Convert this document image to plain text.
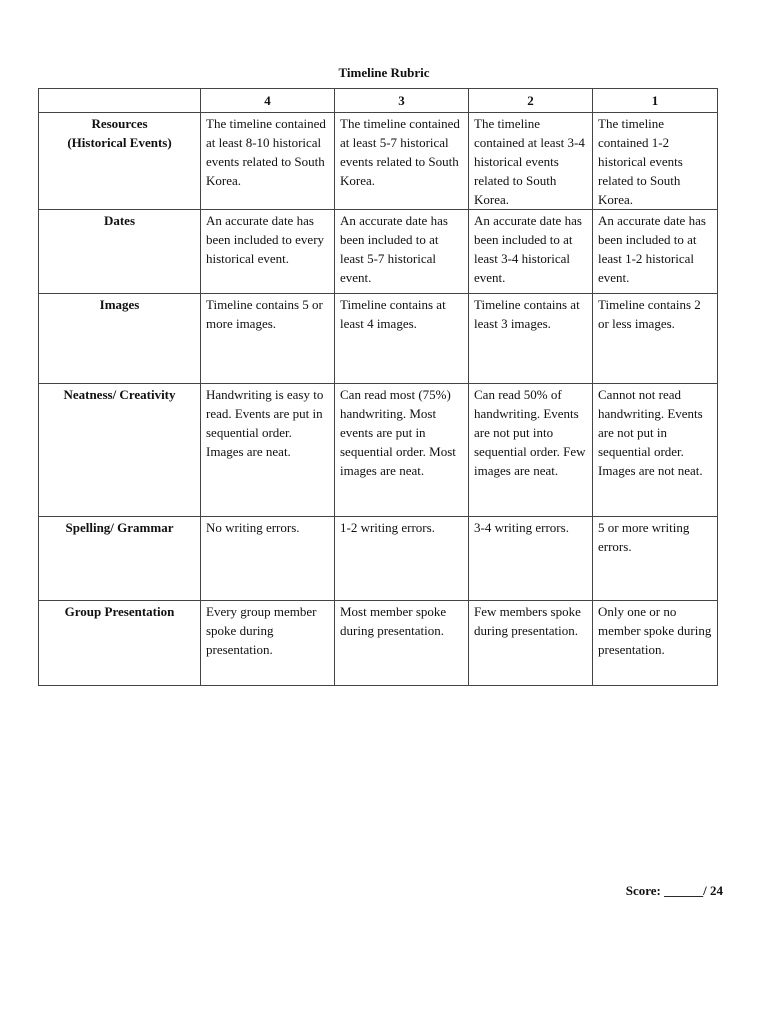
Timeline Rubric
	4	3	2	1
Resources
(Historical Events)	The timeline contained at least 8-10 historical events related to South Korea.	The timeline contained at least 5-7 historical events related to South Korea.	The timeline contained at least 3-4 historical events related to South Korea.	The timeline contained 1-2 historical events related to South Korea.
Dates	An accurate date has been included to every historical event.	An accurate date has been included to at least 5-7 historical event.	An accurate date has been included to at least 3-4 historical event.	An accurate date has been included to at least 1-2 historical event.
Images	Timeline contains 5 or more images.	Timeline contains at least 4 images.	Timeline contains at least 3 images.	Timeline contains 2 or less images.
Neatness/ Creativity	Handwriting is easy to read. Events are put in sequential order. Images are neat.	Can read most (75%) handwriting. Most events are put in sequential order. Most images are neat.	Can read 50% of handwriting. Events are not put into sequential order. Few images are neat.	Cannot not read handwriting. Events are not put in sequential order. Images are not neat.
Spelling/ Grammar	No writing errors.	1-2 writing errors.	3-4 writing errors.	5 or more writing errors.
Group Presentation	Every group member spoke during presentation.	Most member spoke during presentation.	Few members spoke during presentation.	Only one or no member spoke during presentation.
Score: ______/ 24
